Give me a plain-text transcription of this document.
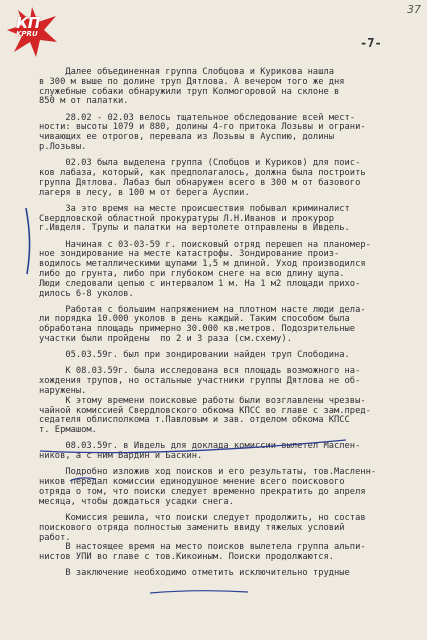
КП
KPRU
37
-7-

Далее объединенная группа Слобцова и Курикова нашла
в 300 м выше по долине труп Дятлова. А вечером того же дня
служебные собаки обнаружили труп Колмогоровой на склоне в
850 м от палатки.

28.02 - 02.03 велось тщательное обследование всей мест-
ности: высоты 1079 и 880, долины 4-го притока Лозьвы и ограни-
чивающих ее отрогов, перевала из Лозьвы в Ауспию, долины
р.Лозьвы.

02.03 была выделена группа (Слобцов и Куриков) для поис-
ков лабаза, который, как предполагалось, должна была построить
группа Дятлова. Лабаз был обнаружен всего в 300 м от базового
лагеря в лесу, в 100 м от берега Ауспии.

За это время на месте происшествия побывал криминалист
Свердловской областной прокуратуры Л.Н.Иванов и прокурор
г.Ивделя. Трупы и палатки на вертолете отправлены в Ивдель.

Начиная с 03-03-59 г. поисковый отряд перешел на планомер-
ное зондирование на месте катастрофы. Зондирование произ-
водилось металлическими щупами 1,5 м длиной. Уход производился
либо до грунта, либо при глубоком снеге на всю длину щупа.
Люди следовали цепью с интервалом 1 м. На 1 м2 площади прихо-
дилось 6-8 уколов.

Работая с большим напряжением на плотном насте люди дела-
ли порядка 10.000 уколов в день каждый. Таким способом была
обработана площадь примерно 30.000 кв.метров. Подозрительные
участки были пройдены  по 2 и 3 раза (см.схему).

05.03.59г. был при зондировании найден труп Слободина.

К 08.03.59г. была исследована вся площадь возможного на-
хождения трупов, но остальные участники группы Дятлова не об-
наружены.
К этому времени поисковые работы были возглавлены чрезвы-
чайной комиссией Свердловского обкома КПСС во главе с зам.пред-
седателя облисполкома т.Павловым и зав. отделом обкома КПСС
т. Ермашом.

08.03.59г. в Ивдель для доклада комиссии вылетел Маслен-
ников, а с ним Вардин и Баскин.

Подробно изложив ход поисков и его результаты, тов.Масленн-
ников передал комиссии единодушное мнение всего поискового
отряда о том, что поиски следует временно прекратить до апреля
месяца, чтобы дождаться усадки снега.

Комиссия решила, что поиски следует продолжить, но состав
поискового отряда полностью заменить ввиду тяжелых условий
работ.
В настоящее время на место поисков вылетела группа альпи-
нистов УПИ во главе с тов.Кикоиным. Поиски продолжаются.

В заключение необходимо отметить исключительно трудные
